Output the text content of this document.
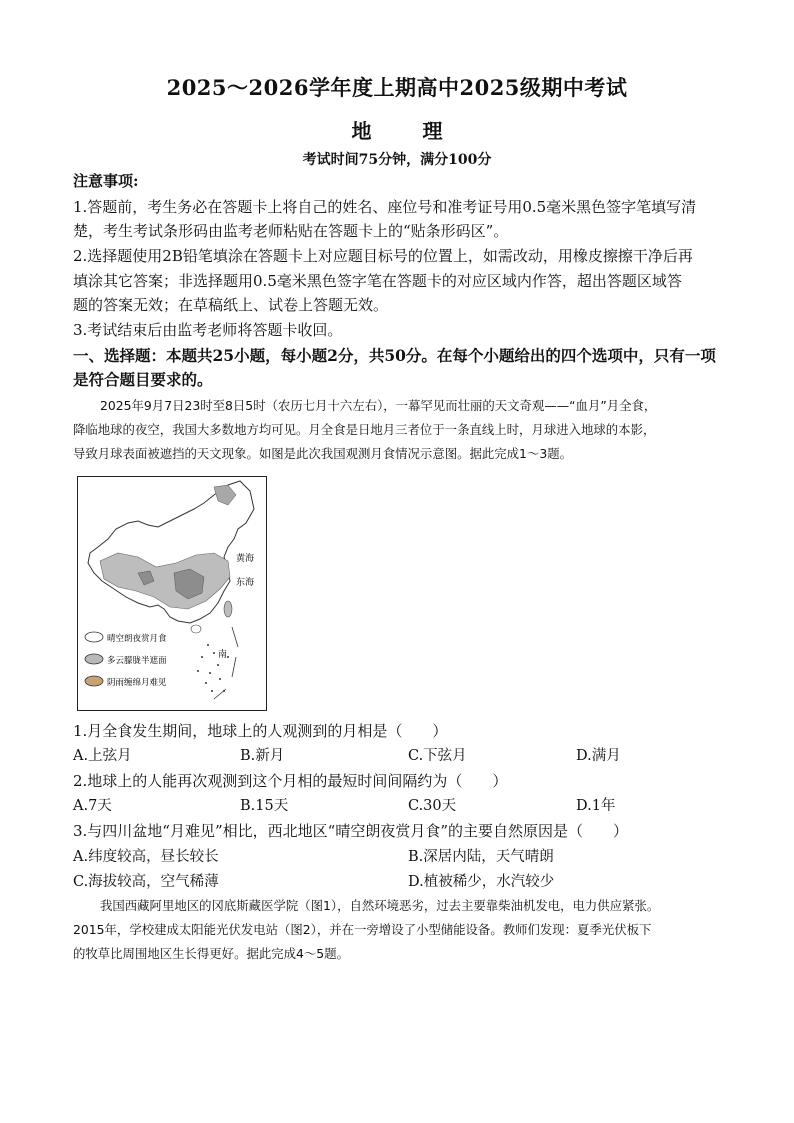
2025～2026学年度上期高中2025级期中考试
地 理
考试时间75分钟，满分100分
注意事项:
1.答题前，考生务必在答题卡上将自己的姓名、座位号和准考证号用0.5毫米黑色签字笔填写清
楚，考生考试条形码由监考老师粘贴在答题卡上的“贴条形码区”。
2.选择题使用2B铅笔填涂在答题卡上对应题目标号的位置上，如需改动，用橡皮擦擦干净后再
填涂其它答案；非选择题用0.5毫米黑色签字笔在答题卡的对应区域内作答，超出答题区域答
题的答案无效；在草稿纸上、试卷上答题无效。
3.考试结束后由监考老师将答题卡收回。
一、选择题：本题共25小题，每小题2分，共50分。在每个小题给出的四个选项中，只有一项
是符合题目要求的。
2025年9月7日23时至8日5时（农历七月十六左右），一幕罕见而壮丽的天文奇观——“血月”月全食，
降临地球的夜空，我国大多数地方均可见。月全食是日地月三者位于一条直线上时，月球进入地球的本影，
导致月球表面被遮挡的天文现象。如图是此次我国观测月食情况示意图。据此完成1～3题。
黄海
东海
南
晴空朗夜赏月食
多云朦胧半遮面
阴雨缠绵月难见
1.月全食发生期间，地球上的人观测到的月相是（　　）
A.上弦月	B.新月	C.下弦月	D.满月
2.地球上的人能再次观测到这个月相的最短时间间隔约为（　　）
A.7天	B.15天	C.30天	D.1年
3.与四川盆地“月难见”相比，西北地区“晴空朗夜赏月食”的主要自然原因是（　　）
A.纬度较高，昼长较长	B.深居内陆，天气晴朗
C.海拔较高，空气稀薄	D.植被稀少，水汽较少
我国西藏阿里地区的冈底斯藏医学院（图1），自然环境恶劣，过去主要靠柴油机发电，电力供应紧张。
2015年，学校建成太阳能光伏发电站（图2），并在一旁增设了小型储能设备。教师们发现：夏季光伏板下
的牧草比周围地区生长得更好。据此完成4～5题。
